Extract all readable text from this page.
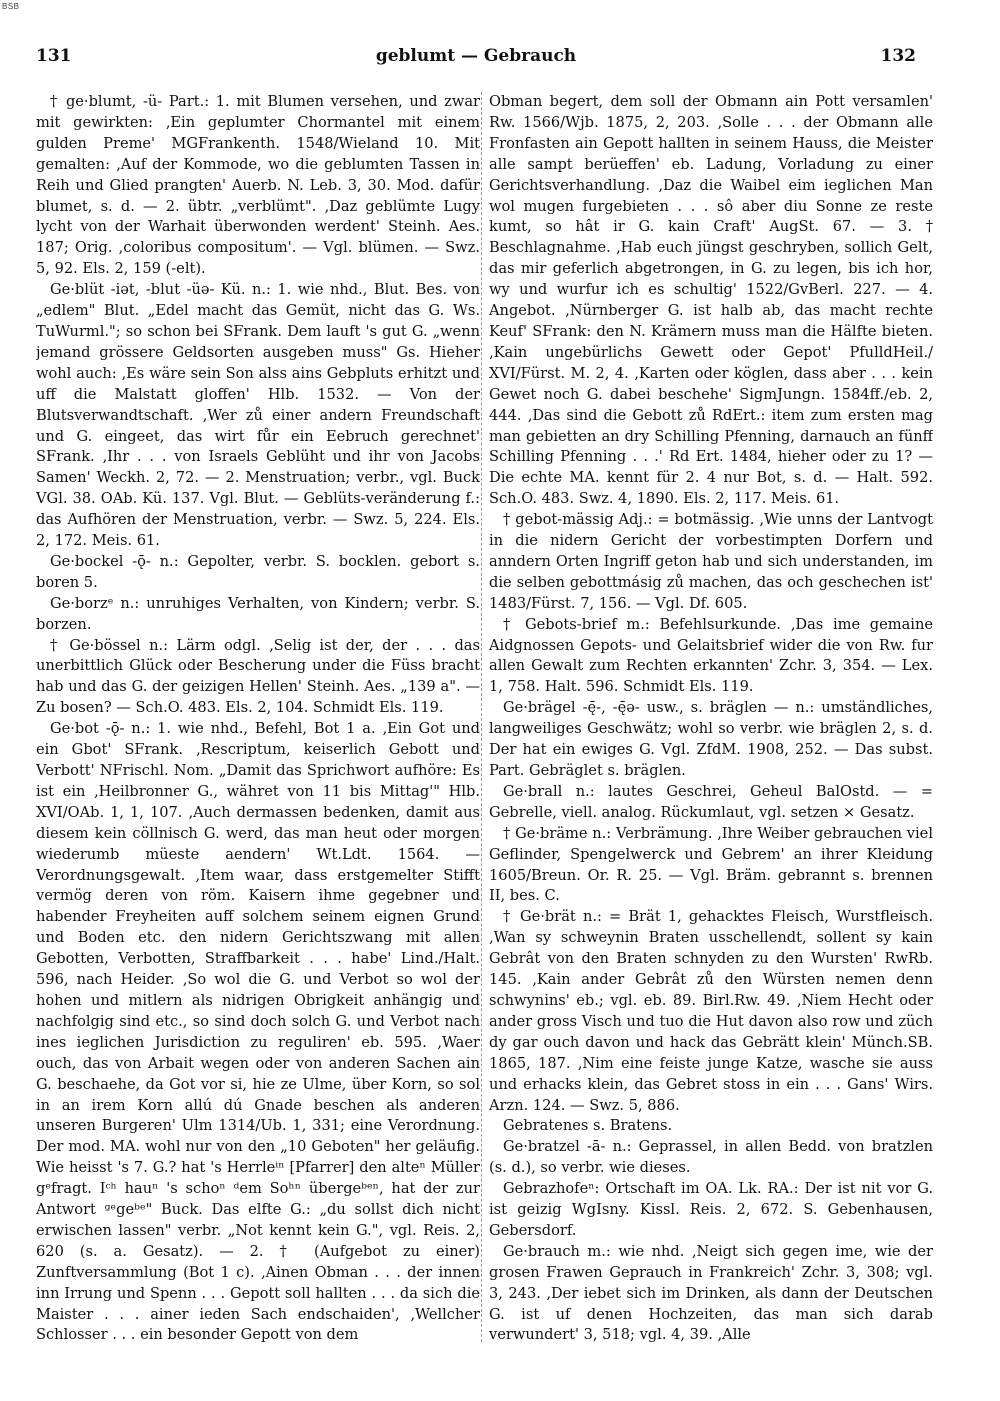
BSB
131	geblumt — Gebrauch	132

† ge·blumt, -ü- Part.: 1. mit Blumen versehen, und zwar mit gewirkten: ‚Ein geplumter Chormantel mit einem gulden Preme' MGFrankenth. 1548/Wieland 10. Mit gemalten: ‚Auf der Kommode, wo die geblumten Tassen in Reih und Glied prangten' Auerb. N. Leb. 3, 30. Mod. dafür blumet, s. d. — 2. übtr. „verblümt". ‚Daz geblümte Lugy lycht von der Warhait überwonden werdent' Steinh. Aes. 187; Orig. ‚coloribus compositum'. — Vgl. blümen. — Swz. 5, 92. Els. 2, 159 (-elt).

Ge·blüt -iət, -blut -üə- Kü. n.: 1. wie nhd., Blut. Bes. von „edlem" Blut. „Edel macht das Gemüt, nicht das G. Ws. TuWurml."; so schon bei SFrank. Dem lauft 's gut G. „wenn jemand grössere Geldsorten ausgeben muss" Gs. Hieher wohl auch: ‚Es wäre sein Son alss ains Gebpluts erhitzt und uff die Malstatt gloffen' Hlb. 1532. — Von der Blutsverwandtschaft. ‚Wer zů einer andern Freundschaft und G. eingeet, das wirt fůr ein Eebruch gerechnet' SFrank. ‚Ihr . . . von Israels Geblüht und ihr von Jacobs Samen' Weckh. 2, 72. — 2. Menstruation; verbr., vgl. Buck VGl. 38. OAb. Kü. 137. Vgl. Blut. — Geblüts-veränderung f.: das Aufhören der Menstruation, verbr. — Swz. 5, 224. Els. 2, 172. Meis. 61.

Ge·bockel -ǭ- n.: Gepolter, verbr. S. bocklen. gebort s. boren 5.

Ge·borzᵉ n.: unruhiges Verhalten, von Kindern; verbr. S. borzen.

† Ge·bössel n.: Lärm odgl. ‚Selig ist der, der . . . das unerbittlich Glück oder Bescherung under die Füss bracht hab und das G. der geizigen Hellen' Steinh. Aes. „139 a". — Zu bosen? — Sch.O. 483. Els. 2, 104. Schmidt Els. 119.

Ge·bot -ǭ- n.: 1. wie nhd., Befehl, Bot 1 a. ‚Ein Got und ein Gbot' SFrank. ‚Rescriptum, keiserlich Gebott und Verbott' NFrischl. Nom. „Damit das Sprichwort aufhöre: Es ist ein ‚Heilbronner G., währet von 11 bis Mittag'" Hlb. XVI/OAb. 1, 1, 107. ‚Auch dermassen bedenken, damit aus diesem kein cöllnisch G. werd, das man heut oder morgen wiederumb müeste aendern' Wt.Ldt. 1564. — Verordnungsgewalt. ‚Item waar, dass erstgemelter Stifft vermög deren von röm. Kaisern ihme gegebner und habender Freyheiten auff solchem seinem eignen Grund und Boden etc. den nidern Gerichtszwang mit allen Gebotten, Verbotten, Straffbarkeit . . . habe' Lind./Halt. 596, nach Heider. ‚So wol die G. und Verbot so wol der hohen und mitlern als nidrigen Obrigkeit anhängig und nachfolgig sind etc., so sind doch solch G. und Verbot nach ines ieglichen Jurisdiction zu reguliren' eb. 595. ‚Waer ouch, das von Arbait wegen oder von anderen Sachen ain G. beschaehe, da Got vor si, hie ze Ulme, über Korn, so sol in an irem Korn allú dú Gnade beschen als anderen unseren Burgeren' Ulm 1314/Ub. 1, 331; eine Verordnung. Der mod. MA. wohl nur von den „10 Geboten" her geläufig. Wie heisst 's 7. G.? hat 's Herrleⁱⁿ [Pfarrer] den alteⁿ Müller gᵉfragt. Iᶜʰ hauⁿ 's schoⁿ ᵈem Soʰⁿ übergeᵇᵉⁿ, hat der zur Antwort ᵍᵉgeᵇᵉ" Buck. Das elfte G.: „du sollst dich nicht erwischen lassen" verbr. „Not kennt kein G.", vgl. Reis. 2, 620 (s. a. Gesatz). — 2. † (Aufgebot zu einer) Zunftversammlung (Bot 1 c). ‚Ainen Obman . . . der innen inn Irrung und Spenn . . . Gepott soll hallten . . . da sich die Maister . . . ainer ieden Sach endschaiden', ‚Wellcher Schlosser . . . ein besonder Gepott von dem

Obman begert, dem soll der Obmann ain Pott versamlen' Rw. 1566/Wjb. 1875, 2, 203. ‚Solle . . . der Obmann alle Fronfasten ain Gepott hallten in seinem Hauss, die Meister alle sampt berüeffen' eb. Ladung, Vorladung zu einer Gerichtsverhandlung. ‚Daz die Waibel eim ieglichen Man wol mugen furgebieten . . . sô aber diu Sonne ze reste kumt, so hât ir G. kain Craft' AugSt. 67. — 3. † Beschlagnahme. ‚Hab euch jüngst geschryben, sollich Gelt, das mir geferlich abgetrongen, in G. zu legen, bis ich hor, wy und wurfur ich es schultig' 1522/GvBerl. 227. — 4. Angebot. ‚Nürnberger G. ist halb ab, das macht rechte Keuf' SFrank: den N. Krämern muss man die Hälfte bieten. ‚Kain ungebürlichs Gewett oder Gepot' PfulldHeil./ XVI/Fürst. M. 2, 4. ‚Karten oder köglen, dass aber . . . kein Gewet noch G. dabei beschehe' SigmJungn. 1584ff./eb. 2, 444. ‚Das sind die Gebott zů RdErt.: item zum ersten mag man gebietten an dry Schilling Pfenning, darnauch an fünff Schilling Pfenning . . .' Rd Ert. 1484, hieher oder zu 1? — Die echte MA. kennt für 2. 4 nur Bot, s. d. — Halt. 592. Sch.O. 483. Swz. 4, 1890. Els. 2, 117. Meis. 61.

† gebot-mässig Adj.: = botmässig. ‚Wie unns der Lantvogt in die nidern Gericht der vorbestimpten Dorfern und anndern Orten Ingriff geton hab und sich understanden, im die selben gebottmásig zů machen, das och geschechen ist' 1483/Fürst. 7, 156. — Vgl. Df. 605.

† Gebots-brief m.: Befehlsurkunde. ‚Das ime gemaine Aidgnossen Gepots- und Gelaitsbrief wider die von Rw. fur allen Gewalt zum Rechten erkannten' Zchr. 3, 354. — Lex. 1, 758. Halt. 596. Schmidt Els. 119.

Ge·brägel -ę̄-, -ę̄ə- usw., s. bräglen — n.: umständliches, langweiliges Geschwätz; wohl so verbr. wie bräglen 2, s. d. Der hat ein ewiges G. Vgl. ZfdM. 1908, 252. — Das subst. Part. Gebräglet s. bräglen.

Ge·brall n.: lautes Geschrei, Geheul BalOstd. — = Gebrelle, viell. analog. Rückumlaut, vgl. setzen × Gesatz.

† Ge·bräme n.: Verbrämung. ‚Ihre Weiber gebrauchen viel Geflinder, Spengelwerck und Gebrem' an ihrer Kleidung 1605/Breun. Or. R. 25. — Vgl. Bräm. gebrannt s. brennen II, bes. C.

† Ge·brät n.: = Brät 1, gehacktes Fleisch, Wurstfleisch. ‚Wan sy schweynin Braten usschellendt, sollent sy kain Gebrât von den Braten schnyden zu den Wursten' RwRb. 145. ‚Kain ander Gebrât zů den Würsten nemen denn schwynins' eb.; vgl. eb. 89. Birl.Rw. 49. ‚Niem Hecht oder ander gross Visch und tuo die Hut davon also row und züch dy gar ouch davon und hack das Gebrätt klein' Münch.SB. 1865, 187. ‚Nim eine feiste junge Katze, wasche sie auss und erhacks klein, das Gebret stoss in ein . . . Gans' Wirs. Arzn. 124. — Swz. 5, 886.

Gebratenes s. Bratens.

Ge·bratzel -ā- n.: Geprassel, in allen Bedd. von bratzlen (s. d.), so verbr. wie dieses.

Gebrazhofeⁿ: Ortschaft im OA. Lk. RA.: Der ist nit vor G. ist geizig WgIsny. Kissl. Reis. 2, 672. S. Gebenhausen, Gebersdorf.

Ge·brauch m.: wie nhd. ‚Neigt sich gegen ime, wie der grosen Frawen Geprauch in Frankreich' Zchr. 3, 308; vgl. 3, 243. ‚Der iebet sich im Drinken, als dann der Deutschen G. ist uf denen Hochzeiten, das man sich darab verwundert' 3, 518; vgl. 4, 39. ‚Alle
